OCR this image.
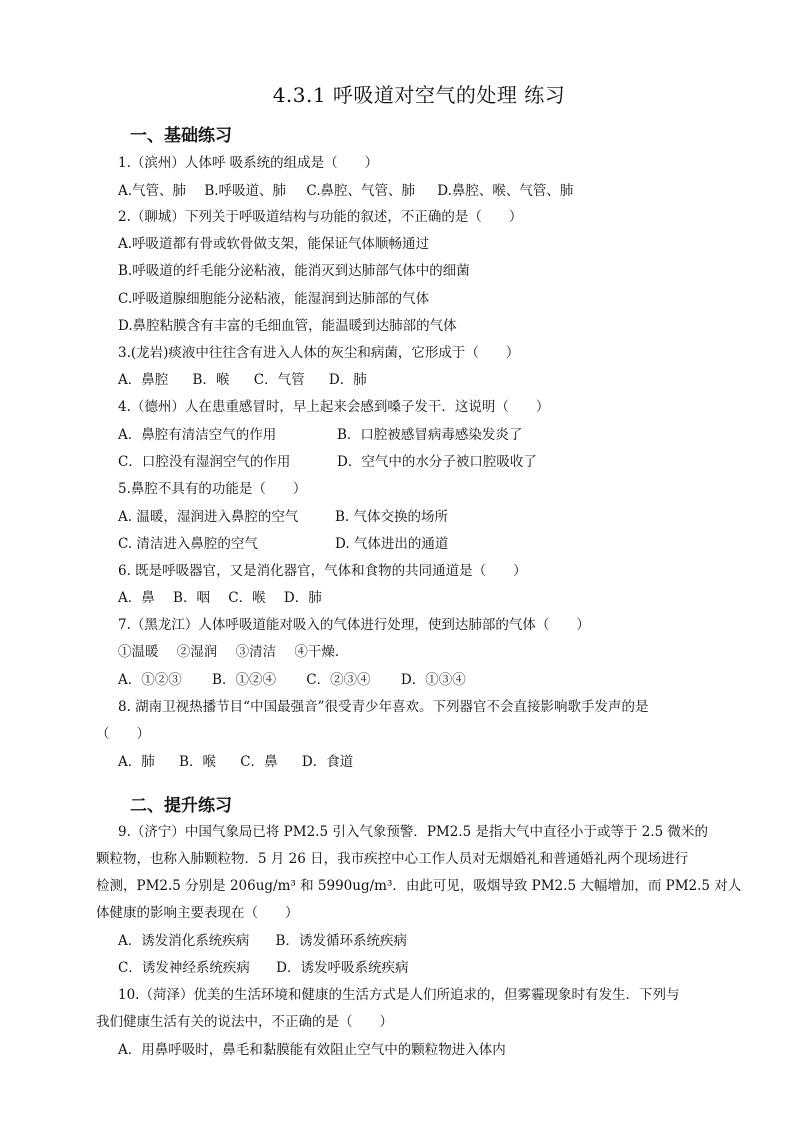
4.3.1 呼吸道对空气的处理 练习
一、基础练习
1.（滨州）人体呼 吸系统的组成是（　　）
A.气管、肺 B.呼吸道、肺 C.鼻腔、气管、肺 D.鼻腔、喉、气管、肺
2.（聊城）下列关于呼吸道结构与功能的叙述，不正确的是（　　）
A.呼吸道都有骨或软骨做支架，能保证气体顺畅通过
B.呼吸道的纤毛能分泌粘液，能消灭到达肺部气体中的细菌
C.呼吸道腺细胞能分泌粘液，能湿润到达肺部的气体
D.鼻腔粘膜含有丰富的毛细血管，能温暖到达肺部的气体
3.(龙岩)痰液中往往含有进入人体的灰尘和病菌，它形成于（　　）
A．鼻腔 B．喉 C．气管 D．肺
4.（德州）人在患重感冒时，早上起来会感到嗓子发干．这说明（　　）
A．鼻腔有清洁空气的作用	B．口腔被感冒病毒感染发炎了
C．口腔没有湿润空气的作用	D．空气中的水分子被口腔吸收了
5.鼻腔不具有的功能是（　　）
A. 温暖，湿润进入鼻腔的空气	B. 气体交换的场所
C. 清洁进入鼻腔的空气	D. 气体进出的通道
6. 既是呼吸器官，又是消化器官，气体和食物的共同通道是（　　）
A．鼻 B．咽 C．喉 D．肺
7.（黑龙江）人体呼吸道能对吸入的气体进行处理，使到达肺部的气体（　　）
①温暖 ②湿润 ③清洁 ④干燥.
A．①②③ B．①②④ C．②③④ D．①③④
8. 湖南卫视热播节目“中国最强音”很受青少年喜欢。下列器官不会直接影响歌手发声的是
（　　）
A．肺 B．喉 C．鼻 D．食道
二、提升练习
9.（济宁）中国气象局已将 PM2.5 引入气象预警．PM2.5 是指大气中直径小于或等于 2.5 微米的
颗粒物，也称入肺颗粒物．5 月 26 日，我市疾控中心工作人员对无烟婚礼和普通婚礼两个现场进行
检测，PM2.5 分别是 206ug/m³ 和 5990ug/m³．由此可见，吸烟导致 PM2.5 大幅增加，而 PM2.5 对人
体健康的影响主要表现在（　　）
A．诱发消化系统疾病 B．诱发循环系统疾病
C．诱发神经系统疾病 D．诱发呼吸系统疾病
10.（菏泽）优美的生活环境和健康的生活方式是人们所追求的，但雾霾现象时有发生．下列与
我们健康生活有关的说法中，不正确的是（　　）
A．用鼻呼吸时，鼻毛和黏膜能有效阻止空气中的颗粒物进入体内
